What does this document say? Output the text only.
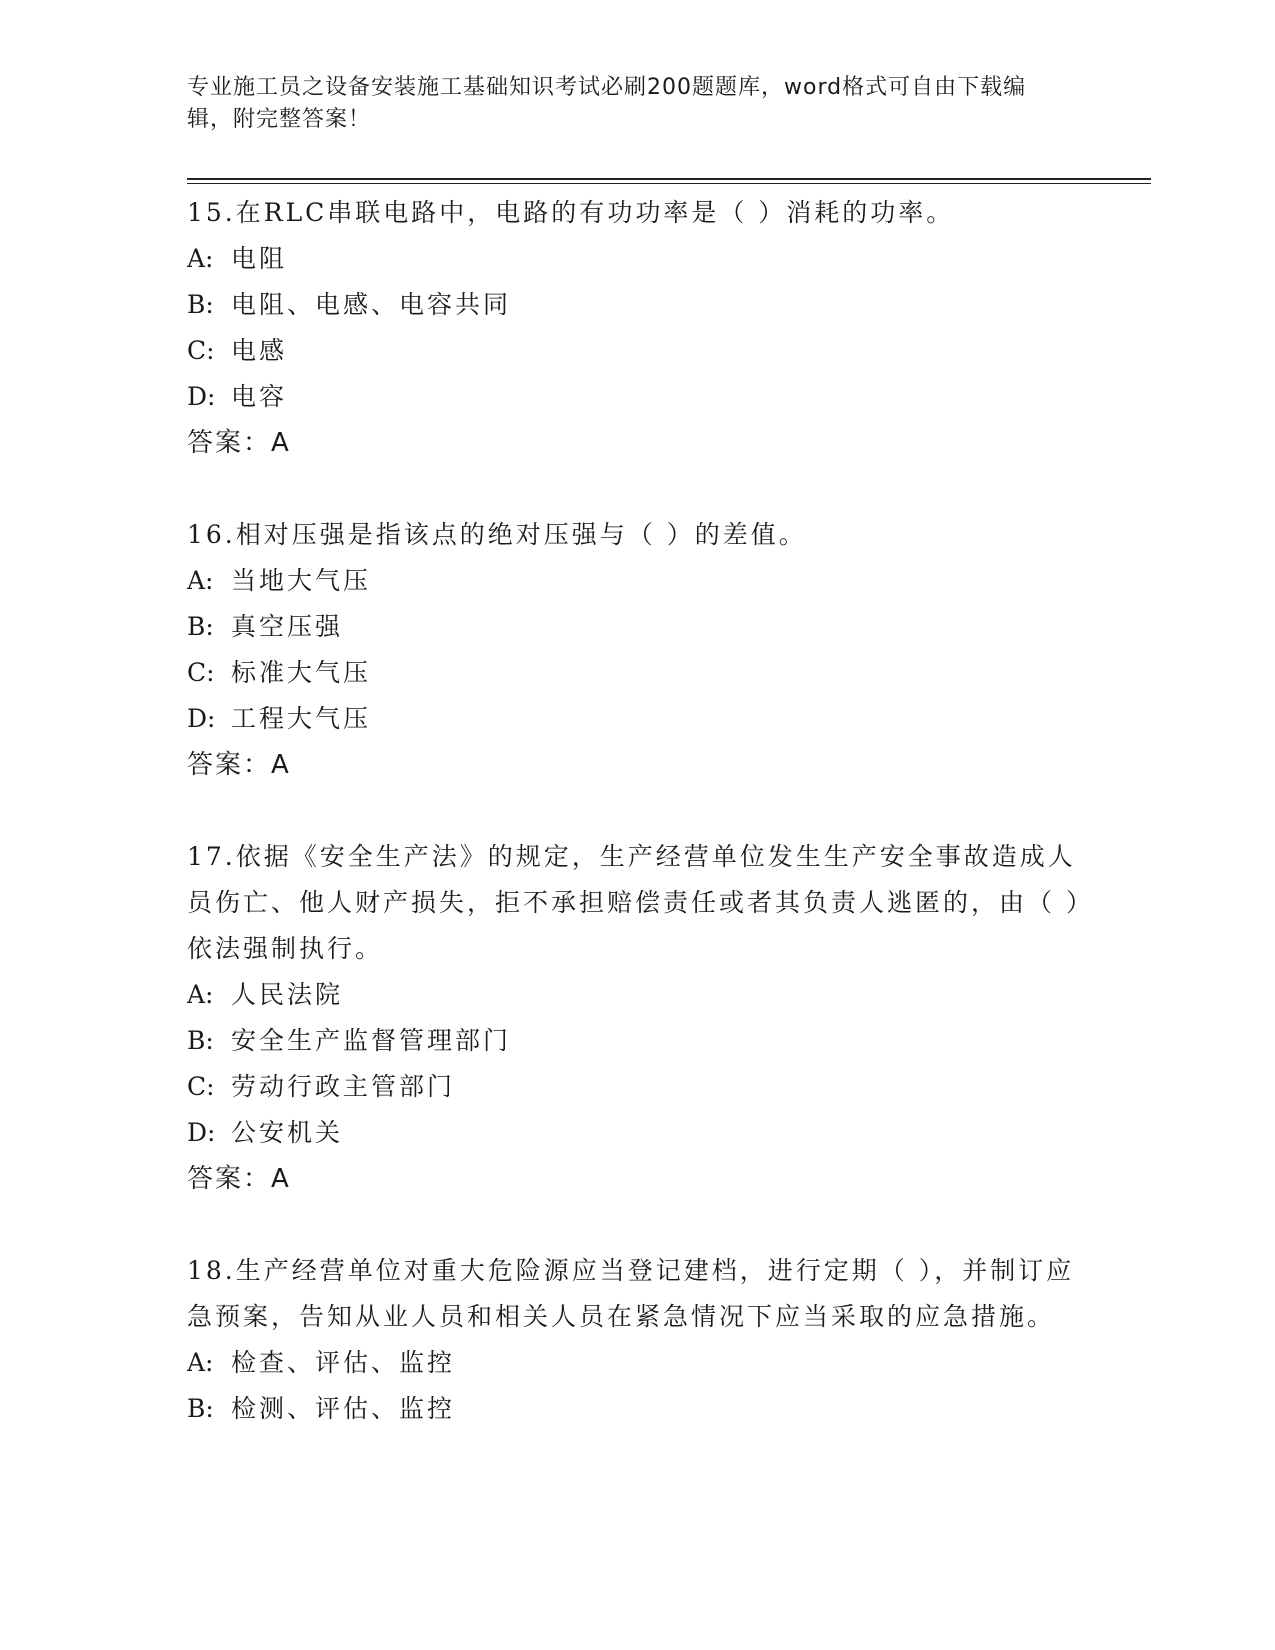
专业施工员之设备安装施工基础知识考试必刷200题题库，word格式可自由下载编辑，附完整答案！
15.在RLC串联电路中，电路的有功功率是（ ）消耗的功率。
A: 电阻
B: 电阻、电感、电容共同
C: 电感
D: 电容
答案：A
16.相对压强是指该点的绝对压强与（ ）的差值。
A: 当地大气压
B: 真空压强
C: 标准大气压
D: 工程大气压
答案：A
17.依据《安全生产法》的规定，生产经营单位发生生产安全事故造成人员伤亡、他人财产损失，拒不承担赔偿责任或者其负责人逃匿的，由（ ）依法强制执行。
A: 人民法院
B: 安全生产监督管理部门
C: 劳动行政主管部门
D: 公安机关
答案：A
18.生产经营单位对重大危险源应当登记建档，进行定期（ ），并制订应急预案，告知从业人员和相关人员在紧急情况下应当采取的应急措施。
A: 检查、评估、监控
B: 检测、评估、监控
